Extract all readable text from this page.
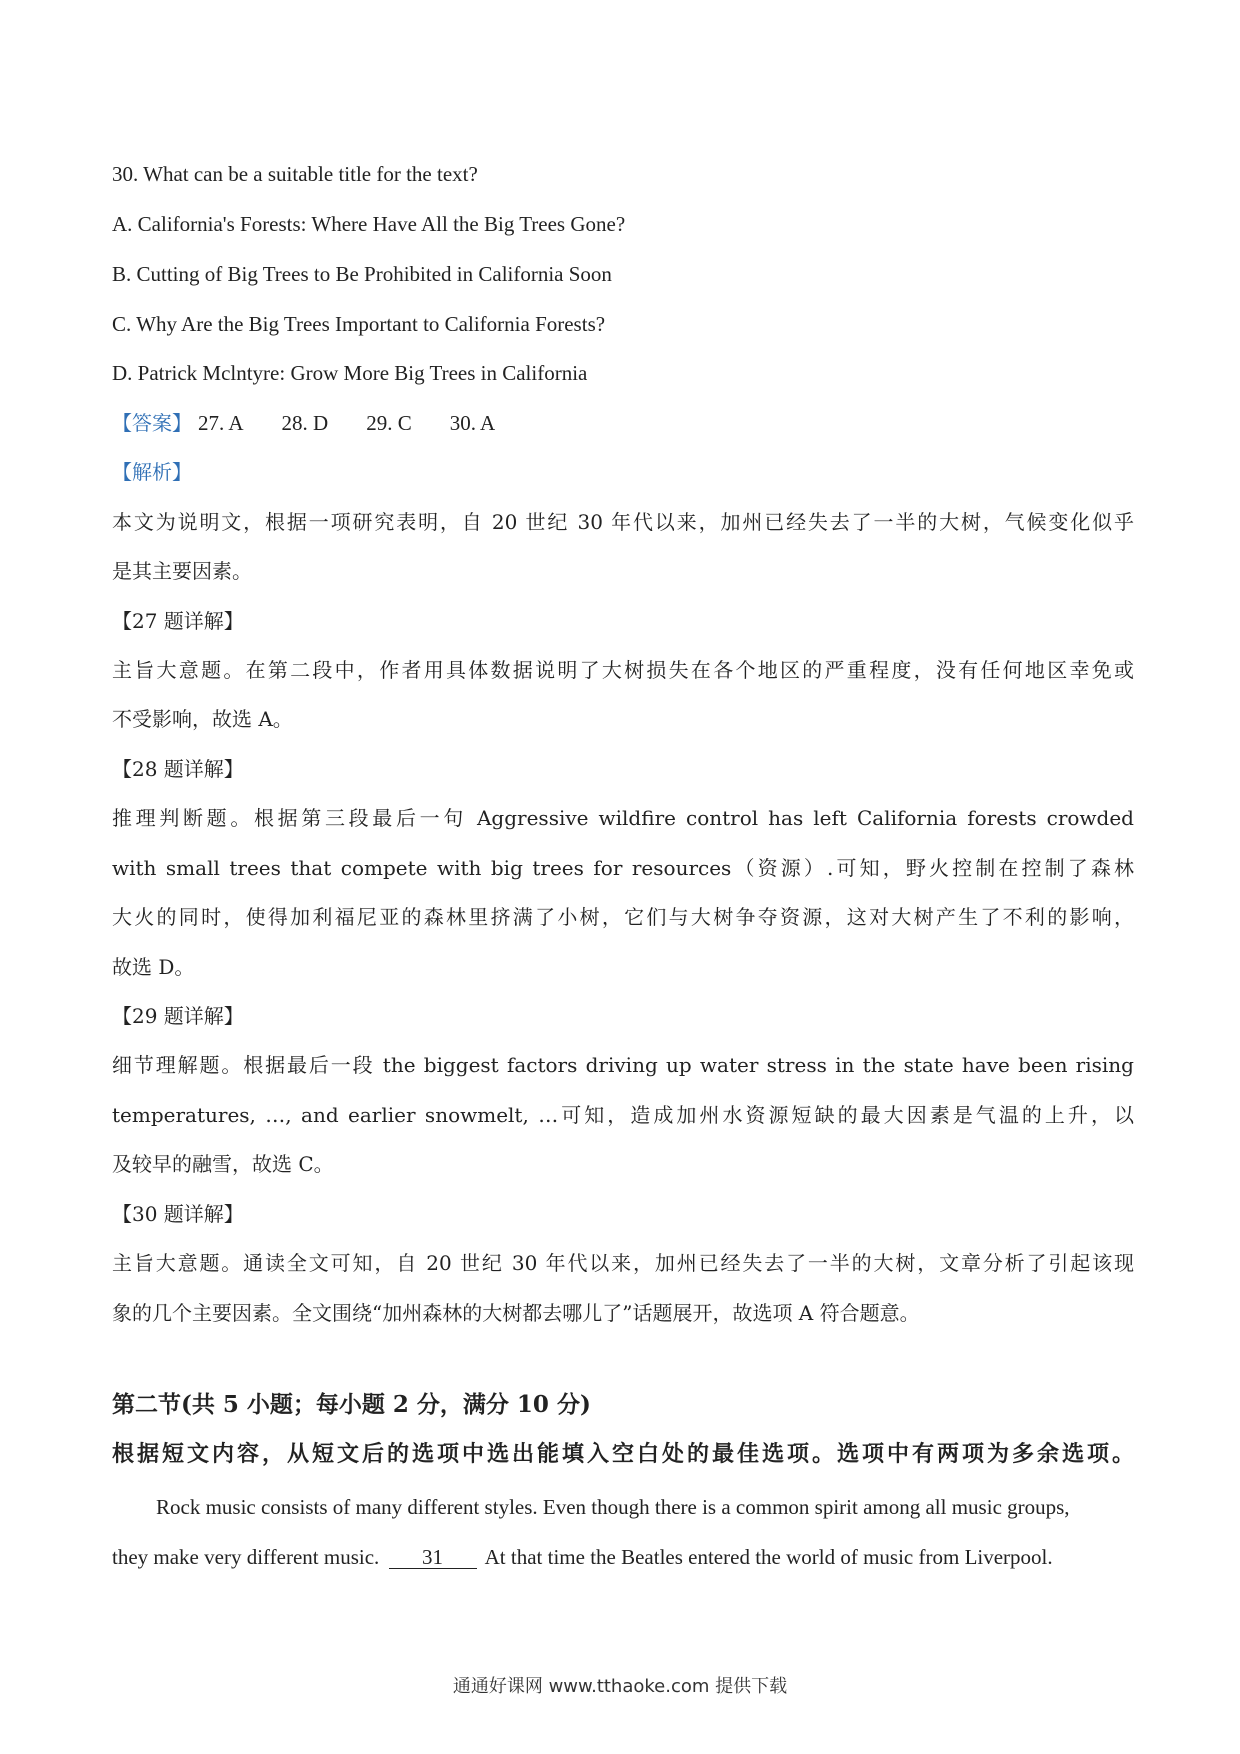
30. What can be a suitable title for the text?
A. California's Forests: Where Have All the Big Trees Gone?
B. Cutting of Big Trees to Be Prohibited in California Soon
C. Why Are the Big Trees Important to California Forests?
D. Patrick Mclntyre: Grow More Big Trees in California
【答案】 27. A 28. D 29. C 30. A
【解析】
本文为说明文，根据一项研究表明，自 20 世纪 30 年代以来，加州已经失去了一半的大树，气候变化似乎
是其主要因素。
【27 题详解】
主旨大意题。在第二段中，作者用具体数据说明了大树损失在各个地区的严重程度，没有任何地区幸免或
不受影响，故选 A。
【28 题详解】
推理判断题。根据第三段最后一句 Aggressive wildfire control has left California forests crowded
with small trees that compete with big trees for resources（资源）.可知，野火控制在控制了森林
大火的同时，使得加利福尼亚的森林里挤满了小树，它们与大树争夺资源，这对大树产生了不利的影响，
故选 D。
【29 题详解】
细节理解题。根据最后一段 the biggest factors driving up water stress in the state have been rising
temperatures, …, and earlier snowmelt, …可知，造成加州水资源短缺的最大因素是气温的上升，以
及较早的融雪，故选 C。
【30 题详解】
主旨大意题。通读全文可知，自 20 世纪 30 年代以来，加州已经失去了一半的大树，文章分析了引起该现
象的几个主要因素。全文围绕“加州森林的大树都去哪儿了”话题展开，故选项 A 符合题意。
第二节(共 5 小题；每小题 2 分，满分 10 分)
根据短文内容，从短文后的选项中选出能填入空白处的最佳选项。选项中有两项为多余选项。
Rock music consists of many different styles. Even though there is a common spirit among all music groups,
they make very different music. 31 At that time the Beatles entered the world of music from Liverpool.
通通好课网 www.tthaoke.com 提供下载
